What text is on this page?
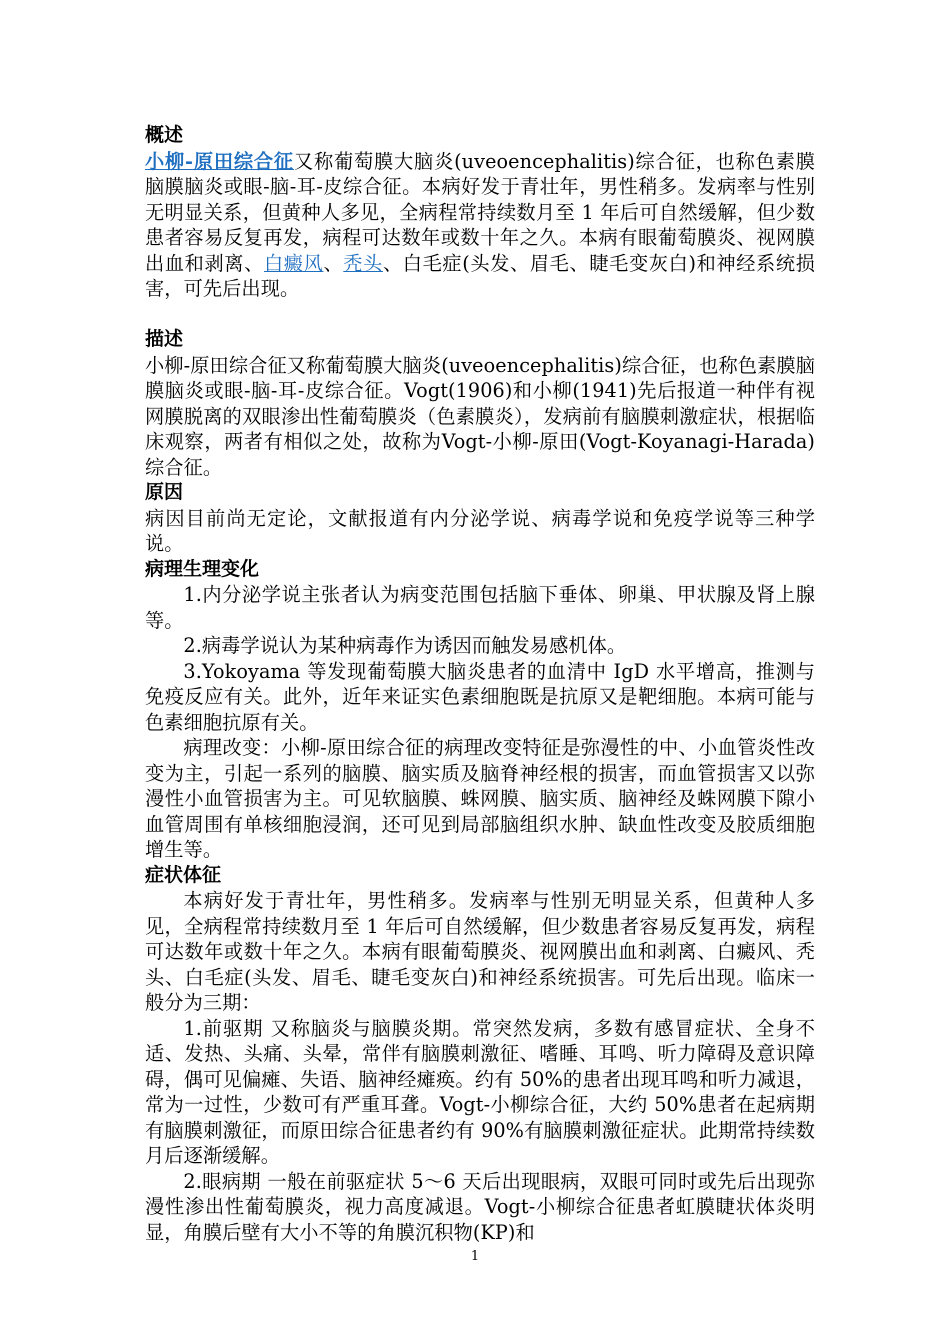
概述

小柳-原田综合征又称葡萄膜大脑炎(uveoencephalitis)综合征，也称色素膜脑膜脑炎或眼-脑-耳-皮综合征。本病好发于青壮年，男性稍多。发病率与性别无明显关系，但黄种人多见，全病程常持续数月至 1 年后可自然缓解，但少数患者容易反复再发，病程可达数年或数十年之久。本病有眼葡萄膜炎、视网膜出血和剥离、白癜风、秃头、白毛症(头发、眉毛、睫毛变灰白)和神经系统损害，可先后出现。

描述

小柳-原田综合征又称葡萄膜大脑炎(uveoencephalitis)综合征，也称色素膜脑膜脑炎或眼-脑-耳-皮综合征。Vogt(1906)和小柳(1941)先后报道一种伴有视网膜脱离的双眼渗出性葡萄膜炎（色素膜炎），发病前有脑膜刺激症状，根据临床观察，两者有相似之处，故称为Vogt-小柳-原田(Vogt-Koyanagi-Harada)综合征。

原因

病因目前尚无定论，文献报道有内分泌学说、病毒学说和免疫学说等三种学说。

病理生理变化

1.内分泌学说主张者认为病变范围包括脑下垂体、卵巢、甲状腺及肾上腺等。

2.病毒学说认为某种病毒作为诱因而触发易感机体。

3.Yokoyama 等发现葡萄膜大脑炎患者的血清中 IgD 水平增高，推测与免疫反应有关。此外，近年来证实色素细胞既是抗原又是靶细胞。本病可能与色素细胞抗原有关。

病理改变：小柳-原田综合征的病理改变特征是弥漫性的中、小血管炎性改变为主，引起一系列的脑膜、脑实质及脑脊神经根的损害，而血管损害又以弥漫性小血管损害为主。可见软脑膜、蛛网膜、脑实质、脑神经及蛛网膜下隙小血管周围有单核细胞浸润，还可见到局部脑组织水肿、缺血性改变及胶质细胞增生等。

症状体征

本病好发于青壮年，男性稍多。发病率与性别无明显关系，但黄种人多见，全病程常持续数月至 1 年后可自然缓解，但少数患者容易反复再发，病程可达数年或数十年之久。本病有眼葡萄膜炎、视网膜出血和剥离、白癜风、秃头、白毛症(头发、眉毛、睫毛变灰白)和神经系统损害。可先后出现。临床一般分为三期：

1.前驱期 又称脑炎与脑膜炎期。常突然发病，多数有感冒症状、全身不适、发热、头痛、头晕，常伴有脑膜刺激征、嗜睡、耳鸣、听力障碍及意识障碍，偶可见偏瘫、失语、脑神经瘫痪。约有 50%的患者出现耳鸣和听力减退，常为一过性，少数可有严重耳聋。Vogt-小柳综合征，大约 50%患者在起病期有脑膜刺激征，而原田综合征患者约有 90%有脑膜刺激征症状。此期常持续数月后逐渐缓解。

2.眼病期 一般在前驱症状 5～6 天后出现眼病，双眼可同时或先后出现弥漫性渗出性葡萄膜炎，视力高度减退。Vogt-小柳综合征患者虹膜睫状体炎明显，角膜后壁有大小不等的角膜沉积物(KP)和

1
